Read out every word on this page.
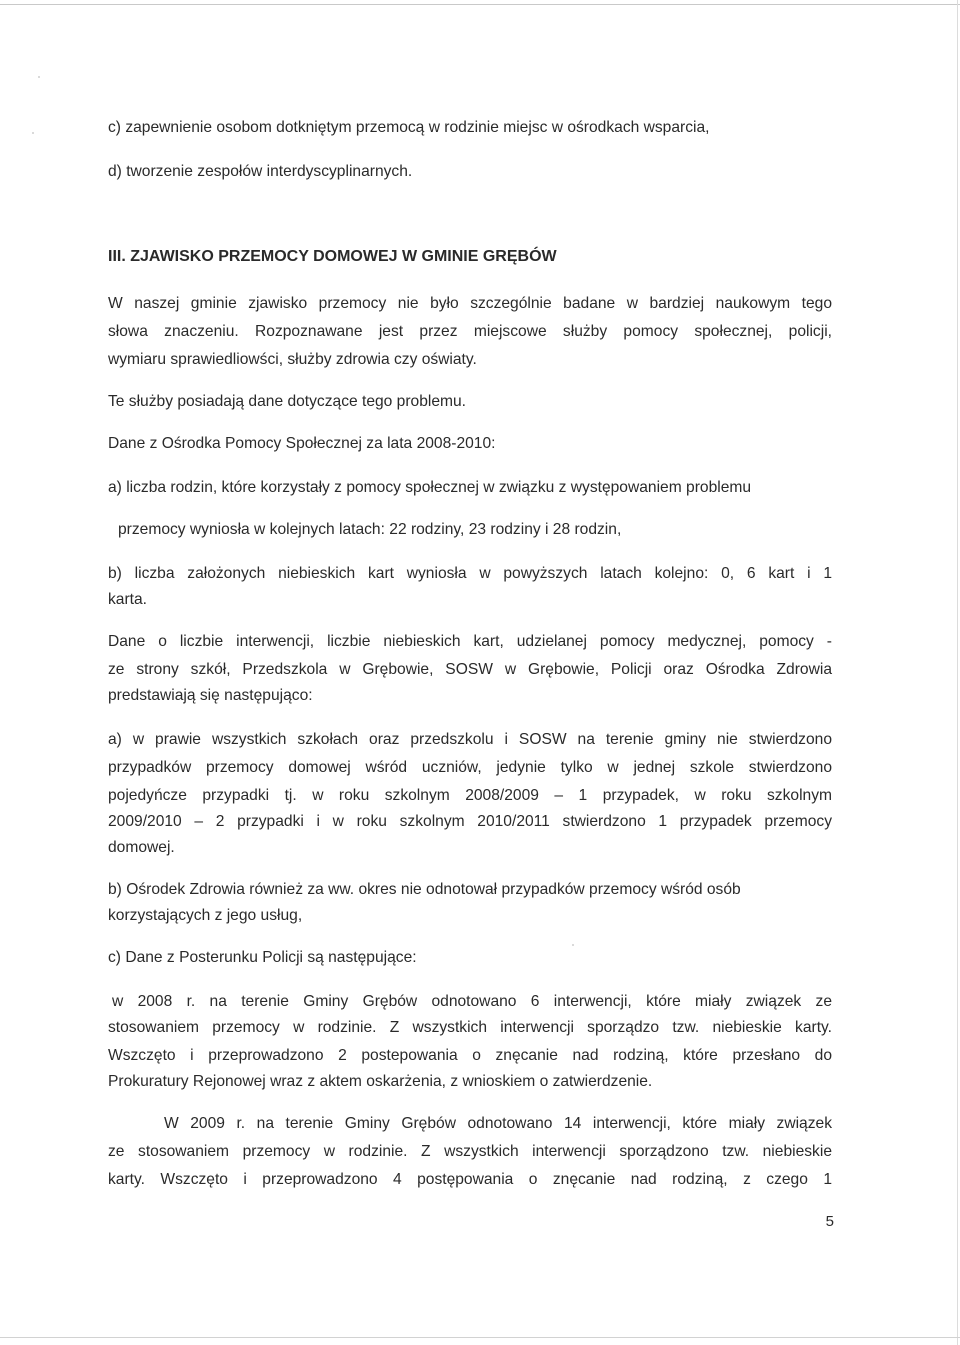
c) zapewnienie osobom dotkniętym przemocą w rodzinie miejsc w ośrodkach wsparcia,

d) tworzenie zespołów interdyscyplinarnych.

III. ZJAWISKO PRZEMOCY DOMOWEJ W GMINIE GRĘBÓW

W naszej gminie zjawisko przemocy nie było szczególnie badane w bardziej naukowym tego

słowa znaczeniu. Rozpoznawane jest przez miejscowe służby pomocy społecznej, policji,

wymiaru sprawiedliowści, służby zdrowia czy oświaty.

Te służby posiadają dane dotyczące tego problemu.

Dane z Ośrodka Pomocy Społecznej za lata 2008-2010:

a) liczba rodzin, które korzystały z pomocy społecznej w związku z występowaniem problemu

przemocy wyniosła w kolejnych latach: 22 rodziny, 23 rodziny i 28 rodzin,

b) liczba założonych niebieskich kart wyniosła w powyższych latach kolejno: 0, 6 kart i 1

karta.

Dane o liczbie interwencji, liczbie niebieskich kart, udzielanej pomocy medycznej, pomocy -

ze strony szkół, Przedszkola w Grębowie, SOSW w Grębowie, Policji oraz Ośrodka Zdrowia

predstawiają się następująco:

a) w prawie wszystkich szkołach oraz przedszkolu i SOSW na terenie gminy nie stwierdzono

przypadków przemocy domowej wśród uczniów, jedynie tylko w jednej szkole stwierdzono

pojedyńcze przypadki tj. w roku szkolnym 2008/2009 – 1 przypadek, w roku szkolnym

2009/2010 – 2 przypadki i w roku szkolnym 2010/2011 stwierdzono 1 przypadek przemocy

domowej.

b) Ośrodek Zdrowia również za ww. okres nie odnotował przypadków przemocy wśród osób

korzystających z jego usług,

c) Dane z Posterunku Policji są następujące:

w 2008 r. na terenie Gminy Grębów odnotowano 6 interwencji, które miały związek ze

stosowaniem przemocy w rodzinie. Z wszystkich interwencji sporządzo tzw. niebieskie karty.

Wszczęto i przeprowadzono 2 postepowania o znęcanie nad rodziną, które przesłano do

Prokuratury Rejonowej wraz z aktem oskarżenia, z wnioskiem o zatwierdzenie.

W 2009 r. na terenie Gminy Grębów odnotowano 14 interwencji, które miały związek

ze stosowaniem przemocy w rodzinie. Z wszystkich interwencji sporządzono tzw. niebieskie

karty. Wszczęto i przeprowadzono 4 postępowania o znęcanie nad rodziną, z czego 1

5
